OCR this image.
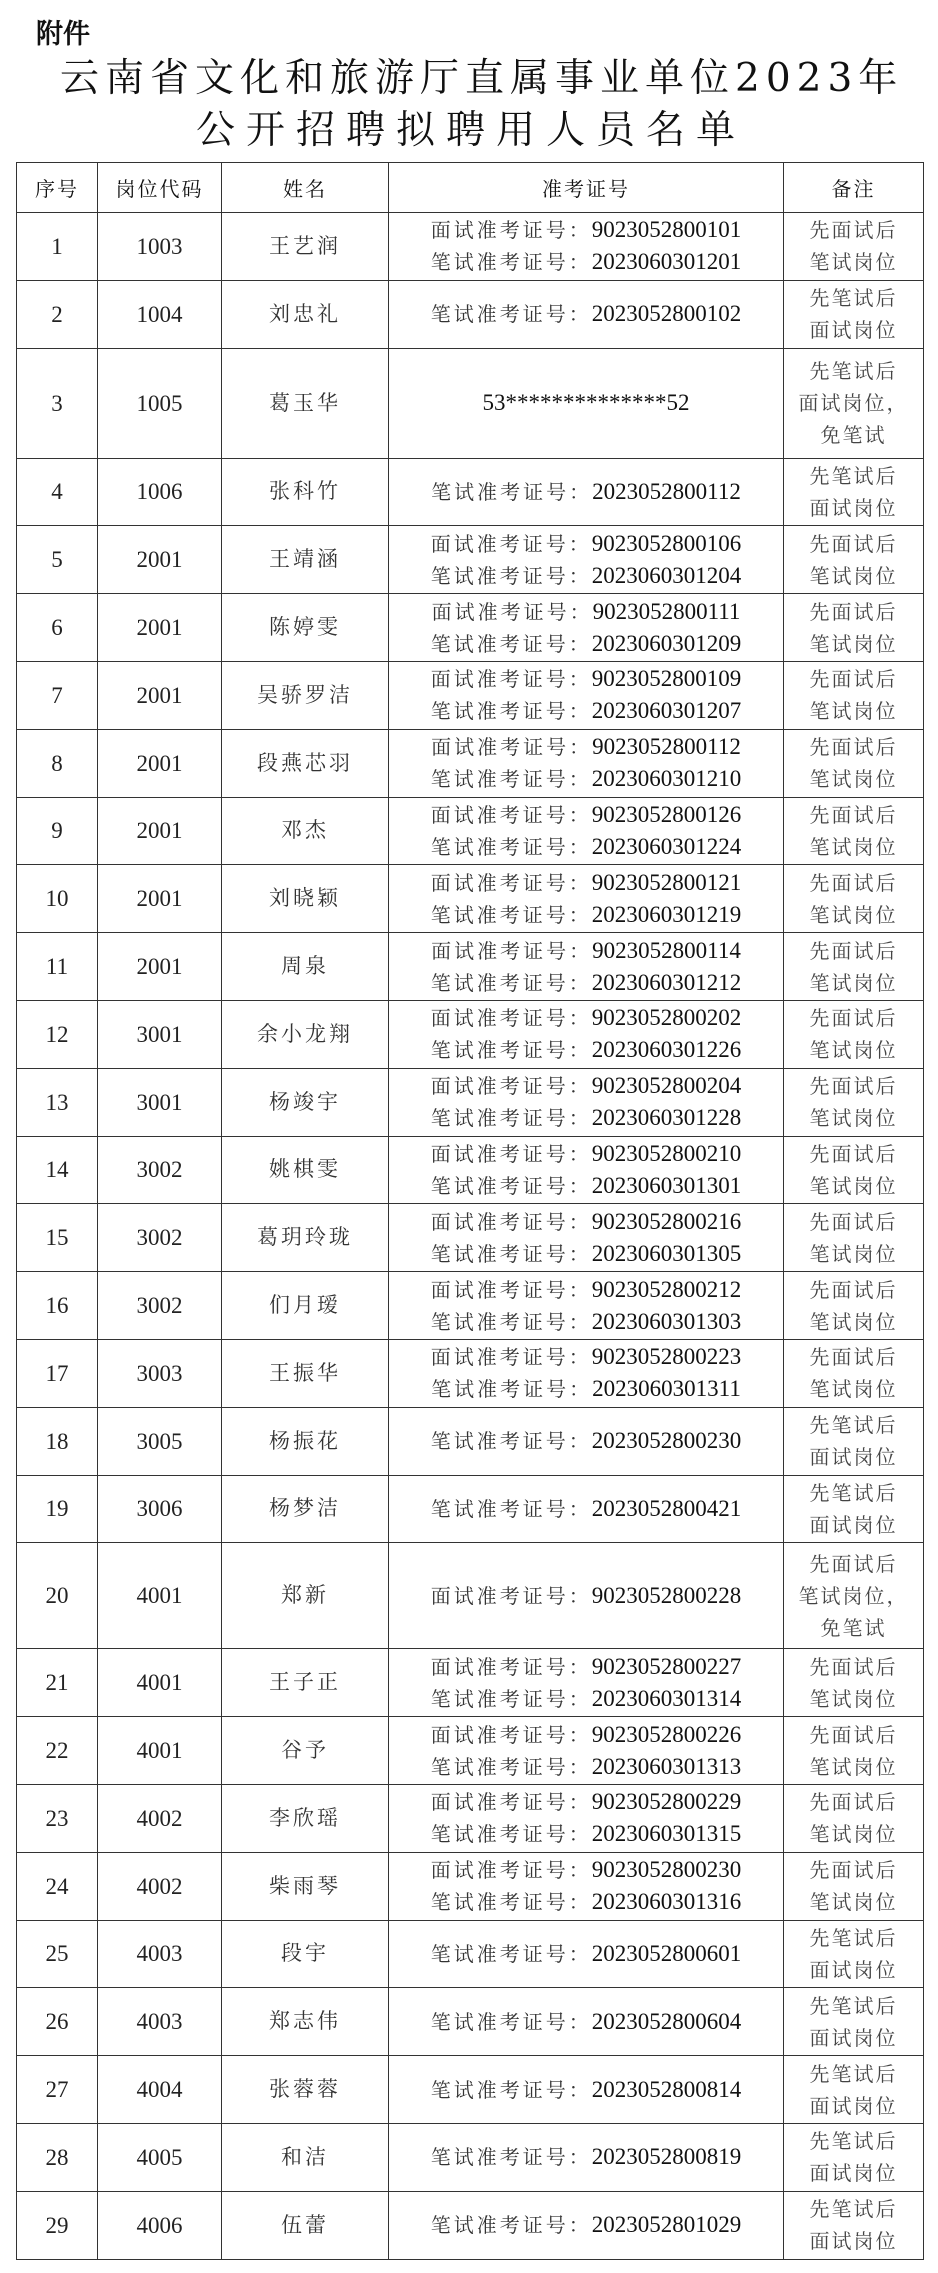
附件
云南省文化和旅游厅直属事业单位2023年
公开招聘拟聘用人员名单
序号	岗位代码	姓名	准考证号	备注
1	1003	王艺润	面试准考证号：9023052800101
笔试准考证号：2023060301201	先面试后
笔试岗位

2	1004	刘忠礼	笔试准考证号：2023052800102	先笔试后
面试岗位

3	1005	葛玉华	53**************52	先笔试后
面试岗位，
免笔试

4	1006	张科竹	笔试准考证号：2023052800112	先笔试后
面试岗位

5	2001	王靖涵	面试准考证号：9023052800106
笔试准考证号：2023060301204	先面试后
笔试岗位

6	2001	陈婷雯	面试准考证号：9023052800111
笔试准考证号：2023060301209	先面试后
笔试岗位

7	2001	吴骄罗洁	面试准考证号：9023052800109
笔试准考证号：2023060301207	先面试后
笔试岗位

8	2001	段燕芯羽	面试准考证号：9023052800112
笔试准考证号：2023060301210	先面试后
笔试岗位

9	2001	邓杰	面试准考证号：9023052800126
笔试准考证号：2023060301224	先面试后
笔试岗位

10	2001	刘晓颖	面试准考证号：9023052800121
笔试准考证号：2023060301219	先面试后
笔试岗位

11	2001	周泉	面试准考证号：9023052800114
笔试准考证号：2023060301212	先面试后
笔试岗位

12	3001	余小龙翔	面试准考证号：9023052800202
笔试准考证号：2023060301226	先面试后
笔试岗位

13	3001	杨竣宇	面试准考证号：9023052800204
笔试准考证号：2023060301228	先面试后
笔试岗位

14	3002	姚棋雯	面试准考证号：9023052800210
笔试准考证号：2023060301301	先面试后
笔试岗位

15	3002	葛玥玲珑	面试准考证号：9023052800216
笔试准考证号：2023060301305	先面试后
笔试岗位

16	3002	们月瑷	面试准考证号：9023052800212
笔试准考证号：2023060301303	先面试后
笔试岗位

17	3003	王振华	面试准考证号：9023052800223
笔试准考证号：2023060301311	先面试后
笔试岗位

18	3005	杨振花	笔试准考证号：2023052800230	先笔试后
面试岗位

19	3006	杨梦洁	笔试准考证号：2023052800421	先笔试后
面试岗位

20	4001	郑新	面试准考证号：9023052800228	先面试后
笔试岗位，
免笔试

21	4001	王子正	面试准考证号：9023052800227
笔试准考证号：2023060301314	先面试后
笔试岗位

22	4001	谷予	面试准考证号：9023052800226
笔试准考证号：2023060301313	先面试后
笔试岗位

23	4002	李欣瑶	面试准考证号：9023052800229
笔试准考证号：2023060301315	先面试后
笔试岗位

24	4002	柴雨琴	面试准考证号：9023052800230
笔试准考证号：2023060301316	先面试后
笔试岗位

25	4003	段宇	笔试准考证号：2023052800601	先笔试后
面试岗位

26	4003	郑志伟	笔试准考证号：2023052800604	先笔试后
面试岗位

27	4004	张蓉蓉	笔试准考证号：2023052800814	先笔试后
面试岗位

28	4005	和洁	笔试准考证号：2023052800819	先笔试后
面试岗位

29	4006	伍蕾	笔试准考证号：2023052801029	先笔试后
面试岗位
